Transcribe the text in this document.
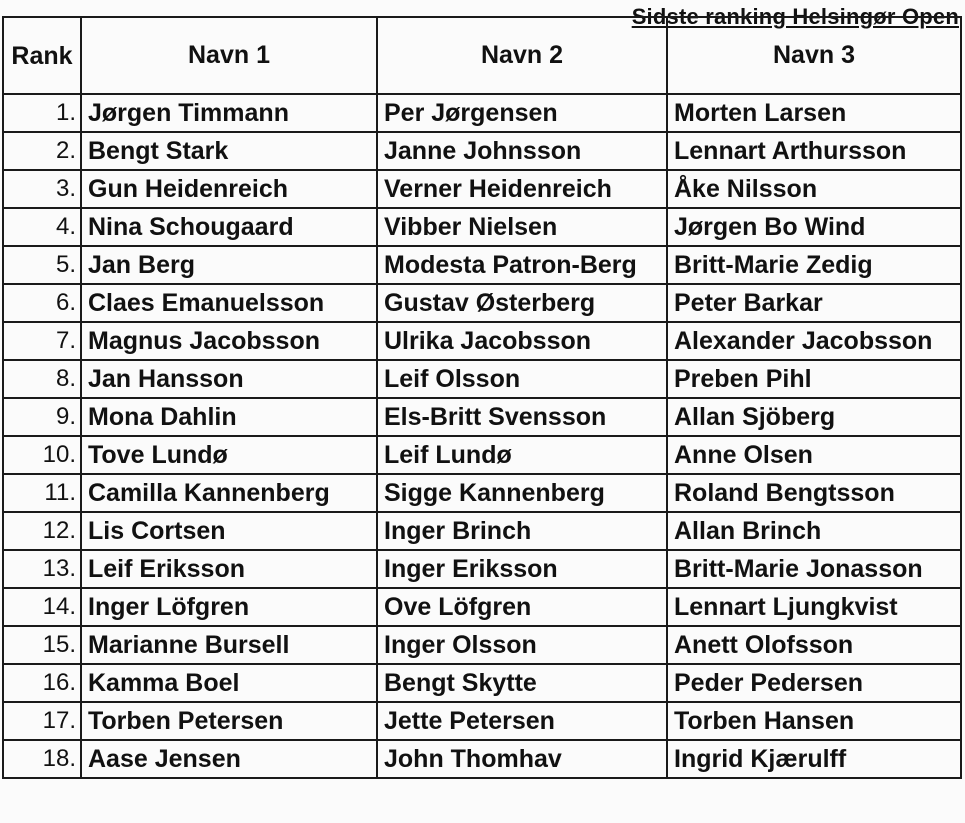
Sidste ranking Helsingør Open
Rank	Navn 1	Navn 2	Navn 3
1.	Jørgen Timmann	Per Jørgensen	Morten Larsen
2.	Bengt Stark	Janne Johnsson	Lennart Arthursson
3.	Gun Heidenreich	Verner Heidenreich	Åke Nilsson
4.	Nina Schougaard	Vibber Nielsen	Jørgen Bo Wind
5.	Jan Berg	Modesta Patron-Berg	Britt-Marie Zedig
6.	Claes Emanuelsson	Gustav Østerberg	Peter Barkar
7.	Magnus Jacobsson	Ulrika Jacobsson	Alexander Jacobsson
8.	Jan Hansson	Leif Olsson	Preben Pihl
9.	Mona Dahlin	Els-Britt Svensson	Allan Sjöberg
10.	Tove Lundø	Leif Lundø	Anne Olsen
11.	Camilla Kannenberg	Sigge Kannenberg	Roland Bengtsson
12.	Lis Cortsen	Inger Brinch	Allan Brinch
13.	Leif Eriksson	Inger Eriksson	Britt-Marie Jonasson
14.	Inger Löfgren	Ove Löfgren	Lennart Ljungkvist
15.	Marianne Bursell	Inger Olsson	Anett Olofsson
16.	Kamma Boel	Bengt Skytte	Peder Pedersen
17.	Torben Petersen	Jette Petersen	Torben Hansen
18.	Aase Jensen	John Thomhav	Ingrid Kjærulff
